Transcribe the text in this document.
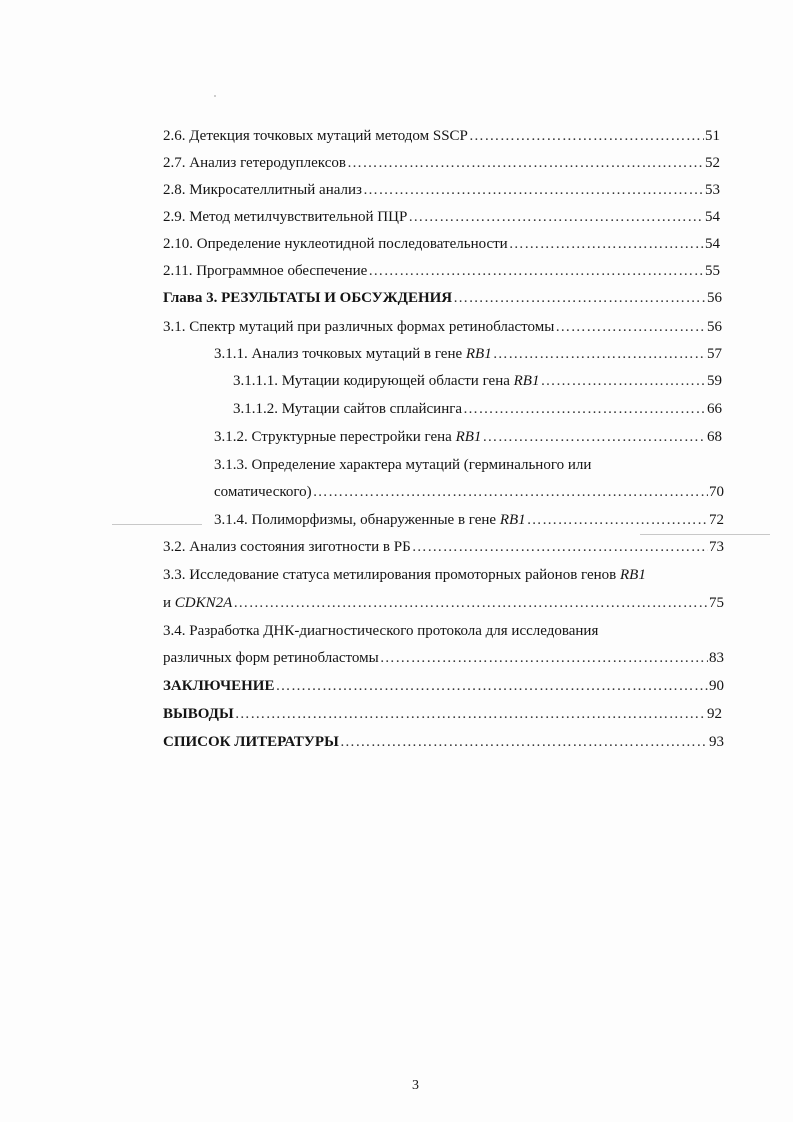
2.6. Детекция точковых мутаций методом SSCP ……………………………………………………………………………………………………………………………………………………………………………	51
2.7. Анализ гетеродуплексов ……………………………………………………………………………………………………………………………………………………………………………	52
2.8. Микросателлитный анализ ……………………………………………………………………………………………………………………………………………………………………………	53
2.9. Метод метилчувствительной ПЦР ……………………………………………………………………………………………………………………………………………………………………………	54
2.10. Определение нуклеотидной последовательности ……………………………………………………………………………………………………………………………………………………………………………	54
2.11. Программное обеспечение ……………………………………………………………………………………………………………………………………………………………………………	55
Глава 3. РЕЗУЛЬТАТЫ И ОБСУЖДЕНИЯ ……………………………………………………………………………………………………………………………………………………………………………	56
3.1. Спектр мутаций при различных формах ретинобластомы ……………………………………………………………………………………………………………………………………………………………………………	56
3.1.1. Анализ точковых мутаций в гене RB1 ……………………………………………………………………………………………………………………………………………………………………………	57
3.1.1.1. Мутации кодирующей области гена RB1 ……………………………………………………………………………………………………………………………………………………………………………	59
3.1.1.2. Мутации сайтов сплайсинга ……………………………………………………………………………………………………………………………………………………………………………	66
3.1.2. Структурные перестройки гена RB1 ……………………………………………………………………………………………………………………………………………………………………………	68
3.1.3. Определение характера мутаций (герминального или
соматического) ……………………………………………………………………………………………………………………………………………………………………………	70
3.1.4. Полиморфизмы, обнаруженные в гене RB1 ……………………………………………………………………………………………………………………………………………………………………………	72
3.2. Анализ состояния зиготности в РБ ……………………………………………………………………………………………………………………………………………………………………………	73
3.3. Исследование статуса метилирования промоторных районов генов RB1
и CDKN2A ……………………………………………………………………………………………………………………………………………………………………………	75
3.4. Разработка ДНК-диагностического протокола для исследования
различных форм ретинобластомы ……………………………………………………………………………………………………………………………………………………………………………	83
ЗАКЛЮЧЕНИЕ ……………………………………………………………………………………………………………………………………………………………………………	90
ВЫВОДЫ ……………………………………………………………………………………………………………………………………………………………………………	92
СПИСОК ЛИТЕРАТУРЫ ……………………………………………………………………………………………………………………………………………………………………………	93
3
